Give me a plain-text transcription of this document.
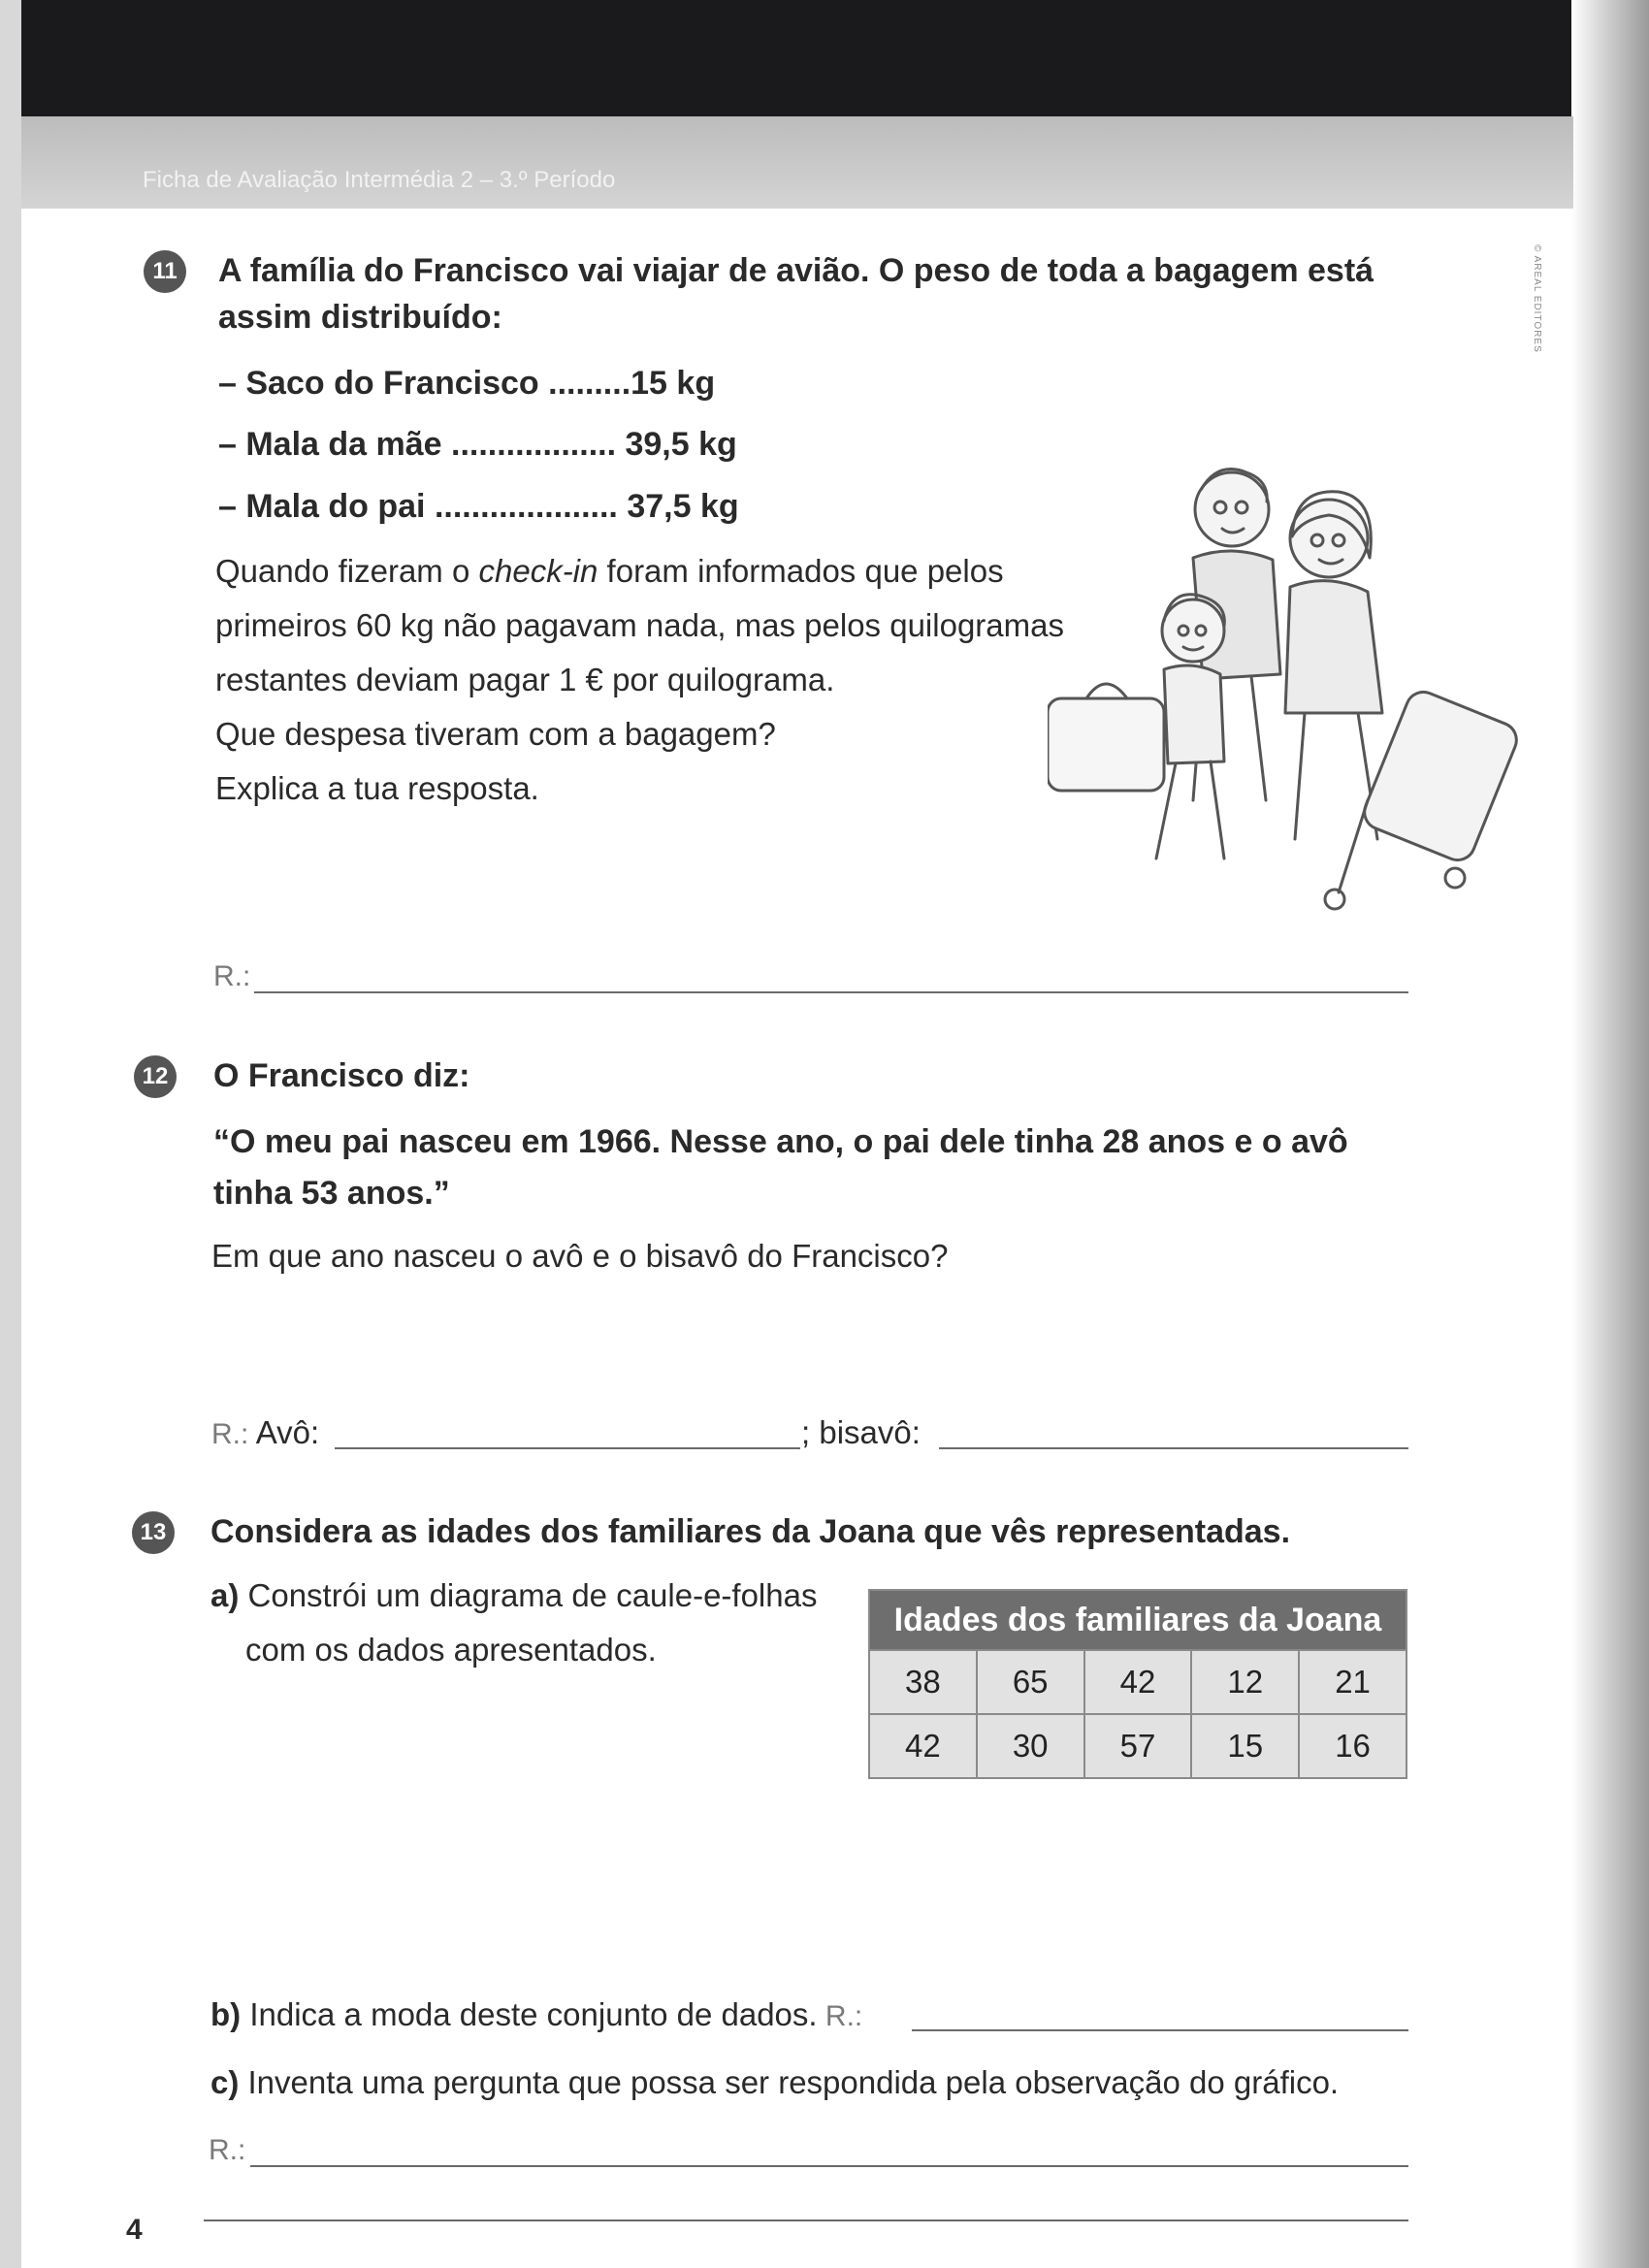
Ficha de Avaliação Intermédia 2 – 3.º Período
© AREAL EDITORES
11 A família do Francisco vai viajar de avião. O peso de toda a bagagem está
assim distribuído:
– Saco do Francisco .........15 kg
– Mala da mãe .................. 39,5 kg
– Mala do pai .................... 37,5 kg
Quando fizeram o check-in foram informados que pelos
primeiros 60 kg não pagavam nada, mas pelos quilogramas
restantes deviam pagar 1 € por quilograma.
Que despesa tiveram com a bagagem?
Explica a tua resposta.
R.:
12 O Francisco diz:
“O meu pai nasceu em 1966. Nesse ano, o pai dele tinha 28 anos e o avô
tinha 53 anos.”
Em que ano nasceu o avô e o bisavô do Francisco?
R.: Avô:	; bisavô:
13 Considera as idades dos familiares da Joana que vês representadas.
a) Constrói um diagrama de caule-e-folhas
com os dados apresentados.
Idades dos familiares da Joana				
38	65	42	12	21
42	30	57	15	16
b) Indica a moda deste conjunto de dados. R.:
c) Inventa uma pergunta que possa ser respondida pela observação do gráfico.
R.:
4
